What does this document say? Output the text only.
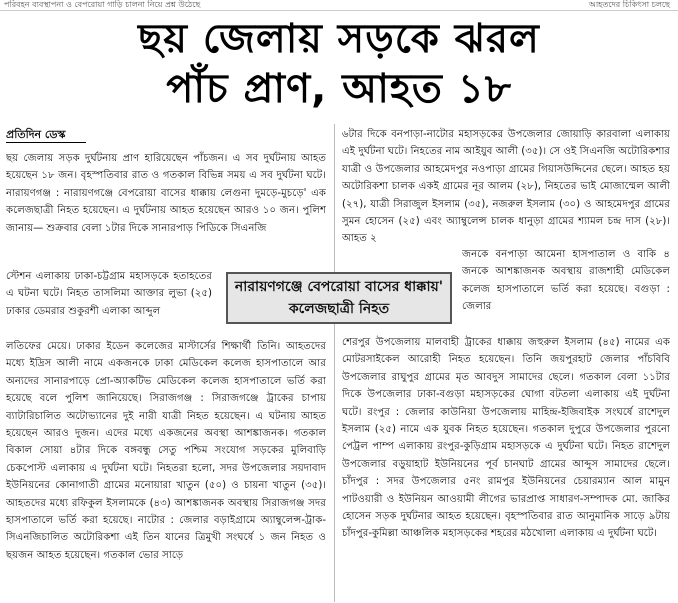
পরিবহন ব্যবস্থাপনা ও বেপরোয়া গাড়ি চালনা নিয়ে প্রশ্ন উঠেছে	আহতদের চিকিৎসা চলছে
ছয় জেলায় সড়কে ঝরল
পাঁচ প্রাণ, আহত ১৮
প্রতিদিন ডেস্ক

ছয় জেলায় সড়ক দুর্ঘটনায় প্রাণ হারিয়েছেন পাঁচজন। এ সব দুর্ঘটনায় আহত হয়েছেন ১৮ জন। বৃহস্পতিবার রাত ও গতকাল বিভিন্ন সময় এ সব দুর্ঘটনা ঘটে। নারায়ণগঞ্জ : নারায়ণগঞ্জে বেপরোয়া বাসের ধাক্কায় লেগুনা দুমড়ে-মুচড়ে' এক কলেজছাত্রী নিহত হয়েছেন। এ দুর্ঘটনায় আহত হয়েছেন আরও ১০ জন। পুলিশ জানায়— শুক্রবার বেলা ১টার দিকে সানারপাড় পিডিকে সিএনজি

স্টেশন এলাকায় ঢাকা-চট্টগ্রাম মহাসড়কে হতাহতের এ ঘটনা ঘটে। নিহত তাসলিমা আক্তার লুভা (২৫) ঢাকার ডেমরার শুকুরশী এলাকা আব্দুল

লতিফের মেয়ে। ঢাকার ইডেন কলেজের মাস্টার্সের শিক্ষার্থী তিনি। আহতদের মধ্যে ইদ্রিস আলী নামে একজনকে ঢাকা মেডিকেল কলেজ হাসপাতালে আর অন্যদের সানারপাড়ে প্রো-অ্যাকটিভ মেডিকেল কলেজ হাসপাতালে ভর্তি করা হয়েছে বলে পুলিশ জানিয়েছে। সিরাজগঞ্জ : সিরাজগঞ্জে ট্রাকের চাপায় ব্যাটারিচালিত অটোভ্যানের দুই নারী যাত্রী নিহত হয়েছেন। এ ঘটনায় আহত হয়েছেন আরও দুজন। এদের মধ্যে একজনের অবস্থা আশঙ্কাজনক। গতকাল বিকাল সোয়া ৪টার দিকে বঙ্গবন্ধু সেতু পশ্চিম সংযোগ সড়কের মুলিবাড়ি চেকপোস্ট এলাকায় এ দুর্ঘটনা ঘটে। নিহতরা হলো, সদর উপজেলার সয়দাবাদ ইউনিয়নের কোনাগাতী গ্রামের মনোয়ারা খাতুন (৫০) ও চায়না খাতুন (৩৫)। আহতদের মধ্যে রফিকুল ইসলামকে (৪৩) আশঙ্কাজনক অবস্থায় সিরাজগঞ্জ সদর হাসপাতালে ভর্তি করা হয়েছে। নাটোর : জেলার বড়াইগ্রামে অ্যাম্বুলেন্স-ট্রাক-সিএনজিচালিত অটোরিকশা এই তিন যানের ত্রিমুখী সংঘর্ষে ১ জন নিহত ও ছয়জন আহত হয়েছেন। গতকাল ভোর সাড়ে

নারায়ণগঞ্জে বেপরোয়া বাসের ধাক্কায়' কলেজছাত্রী নিহত

৬টার দিকে বনপাড়া-নাটোর মহাসড়কের উপজেলার জোয়াড়ি কারবালা এলাকায় এই দুর্ঘটনা ঘটে। নিহতের নাম আইয়ুব আলী (৩৫)। সে ওই সিএনজি অটোরিকশার যাত্রী ও উপজেলার আহমেদপুর নওপাড়া গ্রামের গিয়াসউদ্দিনের ছেলে। আহত হয় অটোরিকশা চালক একই গ্রামের নূর আলম (২৮), নিহতের ভাই মোজাম্মেল আলী (২৭), যাত্রী সিরাজুল ইসলাম (৩৫), নজরুল ইসলাম (৩০) ও আহমেদপুর গ্রামের সুমন হোসেন (২৫) এবং অ্যাম্বুলেন্স চালক ধানুড়া গ্রামের শ্যামল চন্দ্র দাস (২৮)। আহত ২

জনকে বনপাড়া আমেনা হাসপাতাল ও বাকি ৪ জনকে আশঙ্কাজনক অবস্থায় রাজশাহী মেডিকেল কলেজ হাসপাতালে ভর্তি করা হয়েছে। বগুড়া : জেলার

শেরপুর উপজেলায় মালবাহী ট্রাকের ধাক্কায় জহুরুল ইসলাম (৪৫) নামের এক মোটরসাইকেল আরোহী নিহত হয়েছেন। তিনি জয়পুরহাট জেলার পাঁচবিবি উপজেলার রাঘুপুর গ্রামের মৃত আবদুস সামাদের ছেলে। গতকাল বেলা ১১টার দিকে উপজেলার ঢাকা-বগুড়া মহাসড়কের ঘোগা বটতলা এলাকায় এই দুর্ঘটনা ঘটে। রংপুর : জেলার কাউনিয়া উপজেলায় মাহিন্দ্র-ইজিবাইক সংঘর্ষে রাশেদুল ইসলাম (২৫) নামে এক যুবক নিহত হয়েছেন। গতকাল দুপুরে উপজেলার পুরনো পেট্রল পাম্প এলাকায় রংপুর-কুড়িগ্রাম মহাসড়কে এ দুর্ঘটনা ঘটে। নিহত রাশেদুল উপজেলার বড়ুয়াহাট ইউনিয়নের পূর্ব চানঘাট গ্রামের আব্দুস সামাদের ছেলে। চাঁদপুর : সদর উপজেলার ৫নং রামপুর ইউনিয়নের চেয়ারম্যান আল মামুন পাটওয়ারী ও ইউনিয়ন আওয়ামী লীগের ভারপ্রাপ্ত সাধারণ-সম্পাদক মো. জাকির হোসেন সড়ক দুর্ঘটনার আহত হয়েছেন। বৃহস্পতিবার রাত আনুমানিক সাড়ে ৯টায় চাঁদপুর-কুমিল্লা আঞ্চলিক মহাসড়কের শহরের মঠখোলা এলাকায় এ দুর্ঘটনা ঘটে।
